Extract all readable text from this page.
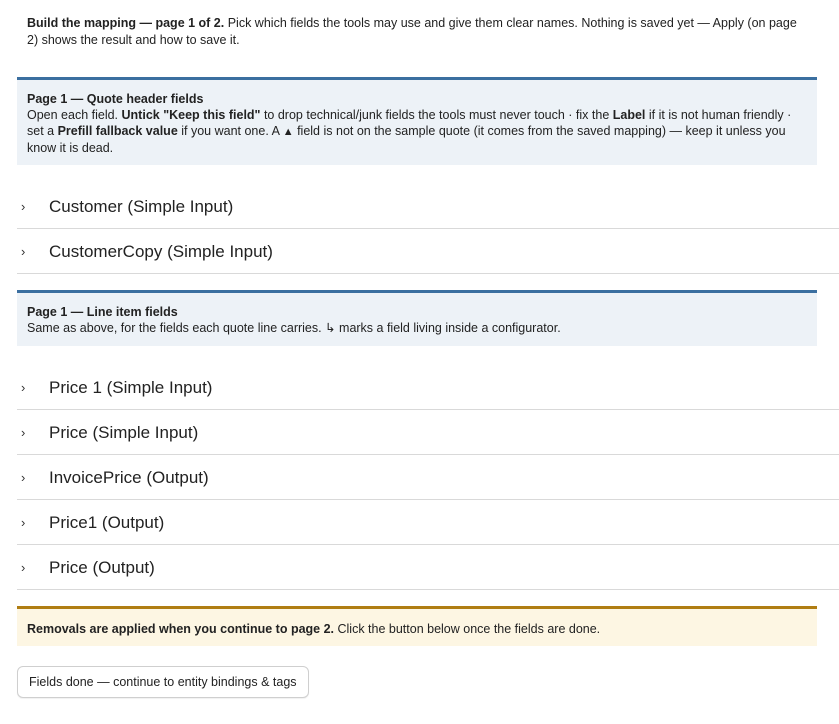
Build the mapping — page 1 of 2. Pick which fields the tools may use and give them clear names. Nothing is saved yet — Apply (on page 2) shows the result and how to save it.
Page 1 — Quote header fields
Open each field. Untick "Keep this field" to drop technical/junk fields the tools must never touch · fix the Label if it is not human friendly · set a Prefill fallback value if you want one. A ▲ field is not on the sample quote (it comes from the saved mapping) — keep it unless you know it is dead.
›	Customer (Simple Input)
›	CustomerCopy (Simple Input)
Page 1 — Line item fields
Same as above, for the fields each quote line carries. ↳ marks a field living inside a configurator.
›	Price 1 (Simple Input)
›	Price (Simple Input)
›	InvoicePrice (Output)
›	Price1 (Output)
›	Price (Output)
Removals are applied when you continue to page 2. Click the button below once the fields are done.
Fields done — continue to entity bindings & tags
